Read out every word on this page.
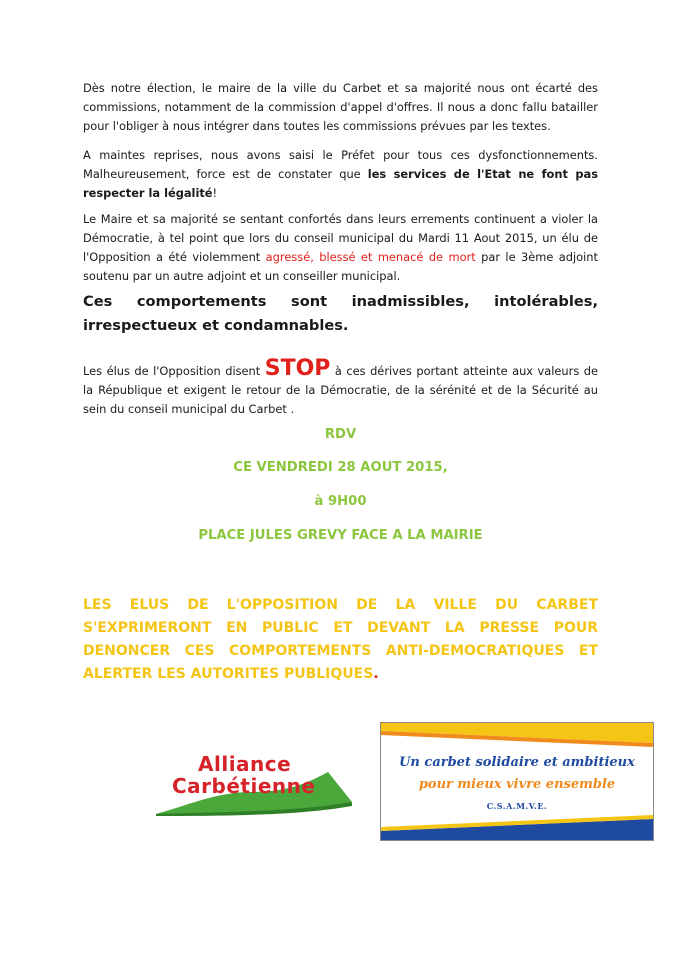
Dès notre élection, le maire de la ville du Carbet et sa majorité nous ont écarté des commissions, notamment de la commission d'appel d'offres. Il nous a donc fallu batailler pour l'obliger à nous intégrer dans toutes les commissions prévues par les textes.

A maintes reprises, nous avons saisi le Préfet pour tous ces dysfonctionnements. Malheureusement, force est de constater que les services de l'Etat ne font pas respecter la légalité!

Le Maire et sa majorité se sentant confortés dans leurs errements continuent a violer la Démocratie, à tel point que lors du conseil municipal du Mardi 11 Aout 2015, un élu de l'Opposition a été violemment agressé, blessé et menacé de mort par le 3ème adjoint soutenu par un autre adjoint et un conseiller municipal.

Ces comportements sont inadmissibles, intolérables, irrespectueux et condamnables.

Les élus de l'Opposition disent STOP à ces dérives portant atteinte aux valeurs de la République et exigent le retour de la Démocratie, de la sérénité et de la Sécurité au sein du conseil municipal du Carbet .

RDV

CE VENDREDI 28 AOUT 2015,

à 9H00

PLACE JULES GREVY FACE A LA MAIRIE

LES ELUS DE L'OPPOSITION DE LA VILLE DU CARBET S'EXPRIMERONT EN PUBLIC ET DEVANT LA PRESSE POUR DENONCER CES COMPORTEMENTS ANTI-DEMOCRATIQUES ET ALERTER LES AUTORITES PUBLIQUES.

Alliance
Carbétienne
Un carbet solidaire et ambitieux
pour mieux vivre ensemble
C.S.A.M.V.E.
